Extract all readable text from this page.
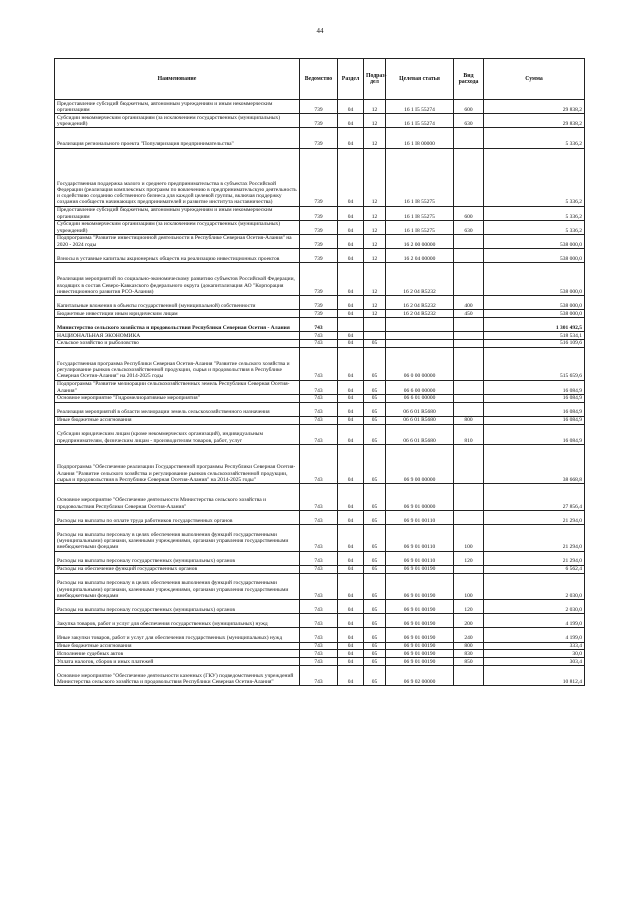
44
Наименование	Ведомство	Раздел	Подраз-дел	Целевая статья	Вид расхода	Сумма
Предоставление субсидий бюджетным, автономным учреждениям и иным некоммерческим организациям	739	04	12	16 1 I5 55274	600	29 838,2
Субсидии некоммерческим организациям (за исключением государственных (муниципальных) учреждений)	739	04	12	16 1 I5 55274	630	29 838,2
Реализация регионального проекта "Популяризация предпринимательства"	739	04	12	16 1 I8 00000		5 336,2
Государственная поддержка малого и среднего предпринимательства в субъектах Российской Федерации (реализация комплексных программ по вовлечению в предпринимательскую деятельность и содействию созданию собственного бизнеса для каждой целевой группы, включая поддержку создания сообществ начинающих предпринимателей и развитие института наставничества)	739	04	12	16 1 I8 55275		5 336,2
Предоставление субсидий бюджетным, автономным учреждениям и иным некоммерческим организациям	739	04	12	16 1 I8 55275	600	5 336,2
Субсидии некоммерческим организациям (за исключением государственных (муниципальных) учреждений)	739	04	12	16 1 I8 55275	630	5 336,2
Подпрограмма "Развитие инвестиционной деятельности в Республике Северная Осетия-Алания" на 2020 - 2024 годы	739	04	12	16 2 00 00000		538 000,0
Взносы в уставные капиталы акционерных обществ на реализацию инвестиционных проектов	739	04	12	16 2 04 00000		538 000,0
Реализация мероприятий по социально-экономическому развитию субъектов Российской Федерации, входящих в состав Северо-Кавказского федерального округа (докапитализация АО "Корпорация инвестиционного развития РСО-Алания)	739	04	12	16 2 04 R5232		538 000,0
Капитальные вложения в объекты государственной (муниципальной) собственности	739	04	12	16 2 04 R5232	400	538 000,0
Бюджетные инвестиции иным юридическим лицам	739	04	12	16 2 04 R5232	450	538 000,0
Министерство сельского хозяйства и продовольствия Республики Северная Осетия - Алания	743					1 301 492,5
НАЦИОНАЛЬНАЯ ЭКОНОМИКА	743	04				518 534,1
Сельское хозяйство и рыболовство	743	04	05			516 109,6
Государственная программа Республики Северная Осетия-Алания "Развитие сельского хозяйства и регулирование рынков сельскохозяйственной продукции, сырья и продовольствия в Республике Северная Осетия-Алания" на 2014-2025 годы	743	04	05	06 0 00 00000		515 659,6
Подпрограмма "Развитие мелиорации сельскохозяйственных земель Республики Северная Осетия-Алания"	743	04	05	06 6 00 00000		16 084,9
Основное мероприятие "Гидромелиоративные мероприятия"	743	04	05	06 6 01 00000		16 084,9
Реализация мероприятий в области мелиорации земель сельскохозяйственного назначения	743	04	05	06 6 01 R5680		16 084,9
Иные бюджетные ассигнования	743	04	05	06 6 01 R5680	800	16 084,9
Субсидии юридическим лицам (кроме некоммерческих организаций), индивидуальным предпринимателям, физическим лицам - производителям товаров, работ, услуг	743	04	05	06 6 01 R5680	810	16 084,9
Подпрограмма "Обеспечение реализации Государственной программы Республики Северная Осетия-Алания "Развитие сельского хозяйства и регулирование рынков сельскохозяйственной продукции, сырья и продовольствия в Республике Северная Осетия-Алания" на 2014-2025 годы"	743	04	05	06 9 00 00000		38 668,8
Основное мероприятие "Обеспечение деятельности Министерства сельского хозяйства и продовольствия Республики Северная Осетия-Алания"	743	04	05	06 9 01 00000		27 856,4
Расходы на выплаты по оплате труда работников государственных органов	743	04	05	06 9 01 00110		21 294,0
Расходы на выплаты персоналу в целях обеспечения выполнения функций государственными (муниципальными) органами, казенными учреждениями, органами управления государственными внебюджетными фондами	743	04	05	06 9 01 00110	100	21 294,0
Расходы на выплаты персоналу государственных (муниципальных) органов	743	04	05	06 9 01 00110	120	21 294,0
Расходы на обеспечение функций государственных органов	743	04	05	06 9 01 00190		6 562,4
Расходы на выплаты персоналу в целях обеспечения выполнения функций государственными (муниципальными) органами, казенными учреждениями, органами управления государственными внебюджетными фондами	743	04	05	06 9 01 00190	100	2 030,0
Расходы на выплаты персоналу государственных (муниципальных) органов	743	04	05	06 9 01 00190	120	2 030,0
Закупка товаров, работ и услуг для обеспечения государственных (муниципальных) нужд	743	04	05	06 9 01 00190	200	4 199,0
Иные закупки товаров, работ и услуг для обеспечения государственных (муниципальных) нужд	743	04	05	06 9 01 00190	240	4 199,0
Иные бюджетные ассигнования	743	04	05	06 9 01 00190	800	333,4
Исполнение судебных актов	743	04	05	06 9 01 00190	830	30,0
Уплата налогов, сборов и иных платежей	743	04	05	06 9 01 00190	850	303,4
Основное мероприятие "Обеспечение деятельности казенных (ГКУ) подведомственных учреждений Министерства сельского хозяйства и продовольствия Республики Северная Осетия-Алания"	743	04	05	06 9 02 00000		10 812,4
